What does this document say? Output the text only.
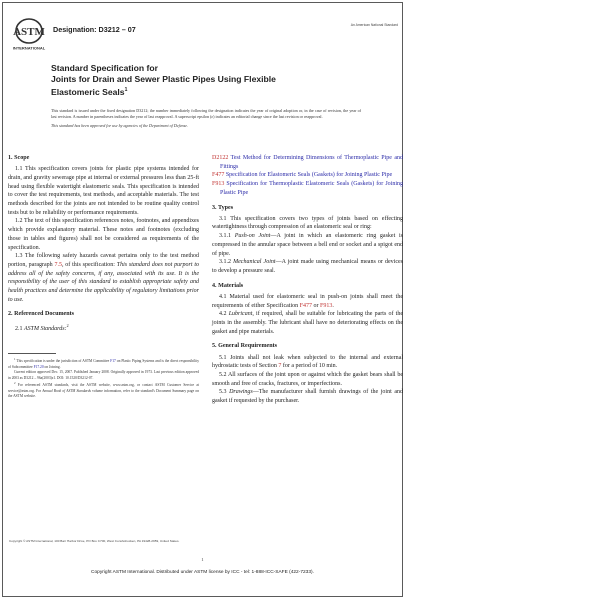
ASTM
INTERNATIONAL
Designation: D3212 – 07	An American National Standard
Standard Specification for
Joints for Drain and Sewer Plastic Pipes Using Flexible
Elastomeric Seals$^1$

This standard is issued under the fixed designation D3212; the number immediately following the designation indicates the year of original adoption or, in the case of revision, the year of last revision. A number in parentheses indicates the year of last reapproval. A superscript epsilon (ε) indicates an editorial change since the last revision or reapproval.

This standard has been approved for use by agencies of the Department of Defense.

1. Scope

1.1 This specification covers joints for plastic pipe systems intended for drain, and gravity sewerage pipe at internal or external pressures less than 25-ft head using flexible watertight elastomeric seals. This specification is intended to cover the test requirements, test methods, and acceptable materials. The test methods described for the joints are not intended to be routine quality control tests but to be reliability or performance requirements.

1.2 The text of this specification references notes, footnotes, and appendixes which provide explanatory material. These notes and footnotes (excluding those in tables and figures) shall not be considered as requirements of the specification.

1.3 The following safety hazards caveat pertains only to the test method portion, paragraph 7.5, of this specification: This standard does not purport to address all of the safety concerns, if any, associated with its use. It is the responsibility of the user of this standard to establish appropriate safety and health practices and determine the applicability of regulatory limitations prior to use.

2. Referenced Documents

2.1 ASTM Standards:$^2$

$^1$ This specification is under the jurisdiction of ASTM Committee F17 on Plastic Piping Systems and is the direct responsibility of Subcommittee F17.20 on Joining.

Current edition approved Dec. 15, 2007. Published January 2008. Originally approved in 1973. Last previous edition approved in 2003 as D3212 – 96a(2003)ε1. DOI: 10.1520/D3212-07.

$^2$ For referenced ASTM standards, visit the ASTM website, www.astm.org, or contact ASTM Customer Service at service@astm.org. For Annual Book of ASTM Standards volume information, refer to the standard's Document Summary page on the ASTM website.

D2122 Test Method for Determining Dimensions of Thermoplastic Pipe and Fittings

F477 Specification for Elastomeric Seals (Gaskets) for Joining Plastic Pipe

F913 Specification for Thermoplastic Elastomeric Seals (Gaskets) for Joining Plastic Pipe

3. Types

3.1 This specification covers two types of joints based on effecting watertightness through compression of an elastomeric seal or ring:

3.1.1 Push-on Joint—A joint in which an elastomeric ring gasket is compressed in the annular space between a bell end or socket and a spigot end of pipe.

3.1.2 Mechanical Joint—A joint made using mechanical means or devices to develop a pressure seal.

4. Materials

4.1 Material used for elastomeric seal in push-on joints shall meet the requirements of either Specification F477 or F913.

4.2 Lubricant, if required, shall be suitable for lubricating the parts of the joints in the assembly. The lubricant shall have no deteriorating effects on the gasket and pipe materials.

5. General Requirements

5.1 Joints shall not leak when subjected to the internal and external hydrostatic tests of Section 7 for a period of 10 min.

5.2 All surfaces of the joint upon or against which the gasket bears shall be smooth and free of cracks, fractures, or imperfections.

5.3 Drawings—The manufacturer shall furnish drawings of the joint and gasket if requested by the purchaser.

Copyright © ASTM International, 100 Barr Harbor Drive, PO Box C700, West Conshohocken, PA 19428-2959, United States.
1
Copyright ASTM International. Distributed under ASTM license by ICC - tel: 1-888-ICC-SAFE (422-7233).
